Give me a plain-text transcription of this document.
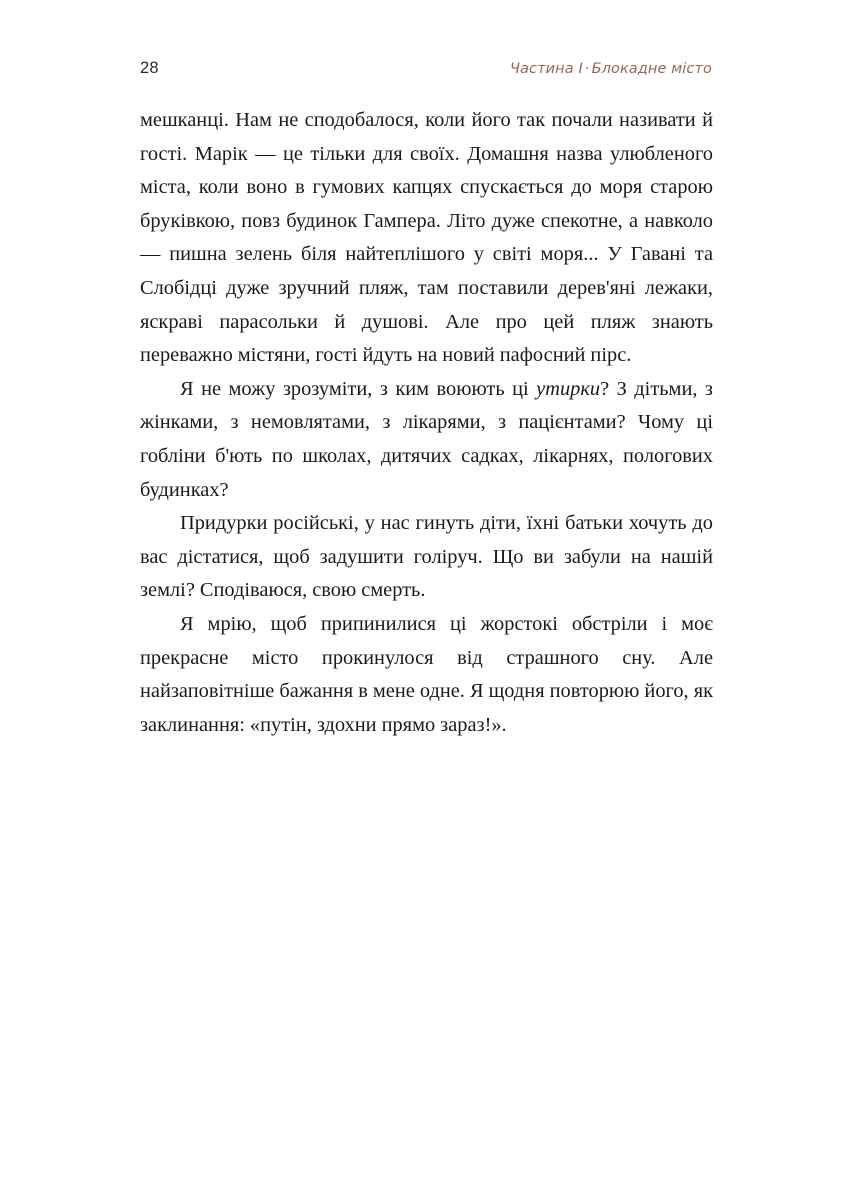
28	Частина I · Блокадне місто

мешканці. Нам не сподобалося, коли його так почали називати й гості. Марік — це тільки для своїх. Домашня назва улюбленого міста, коли воно в гумових капцях спускається до моря старою бруківкою, повз будинок Гампера. Літо дуже спекотне, а навколо — пишна зелень біля найтеплішого у світі моря... У Гавані та Слобідці дуже зручний пляж, там поставили дерев'яні лежаки, яскраві парасольки й душові. Але про цей пляж знають переважно містяни, гості йдуть на новий пафосний пірс.

Я не можу зрозуміти, з ким воюють ці утирки? З дітьми, з жінками, з немовлятами, з лікарями, з пацієнтами? Чому ці гобліни б'ють по школах, дитячих садках, лікарнях, пологових будинках?

Придурки російські, у нас гинуть діти, їхні батьки хочуть до вас дістатися, щоб задушити голіруч. Що ви забули на нашій землі? Сподіваюся, свою смерть.

Я мрію, щоб припинилися ці жорстокі обстріли і моє прекрасне місто прокинулося від страшного сну. Але найзаповітніше бажання в мене одне. Я щодня повторюю його, як заклинання: «путін, здохни прямо зараз!».
